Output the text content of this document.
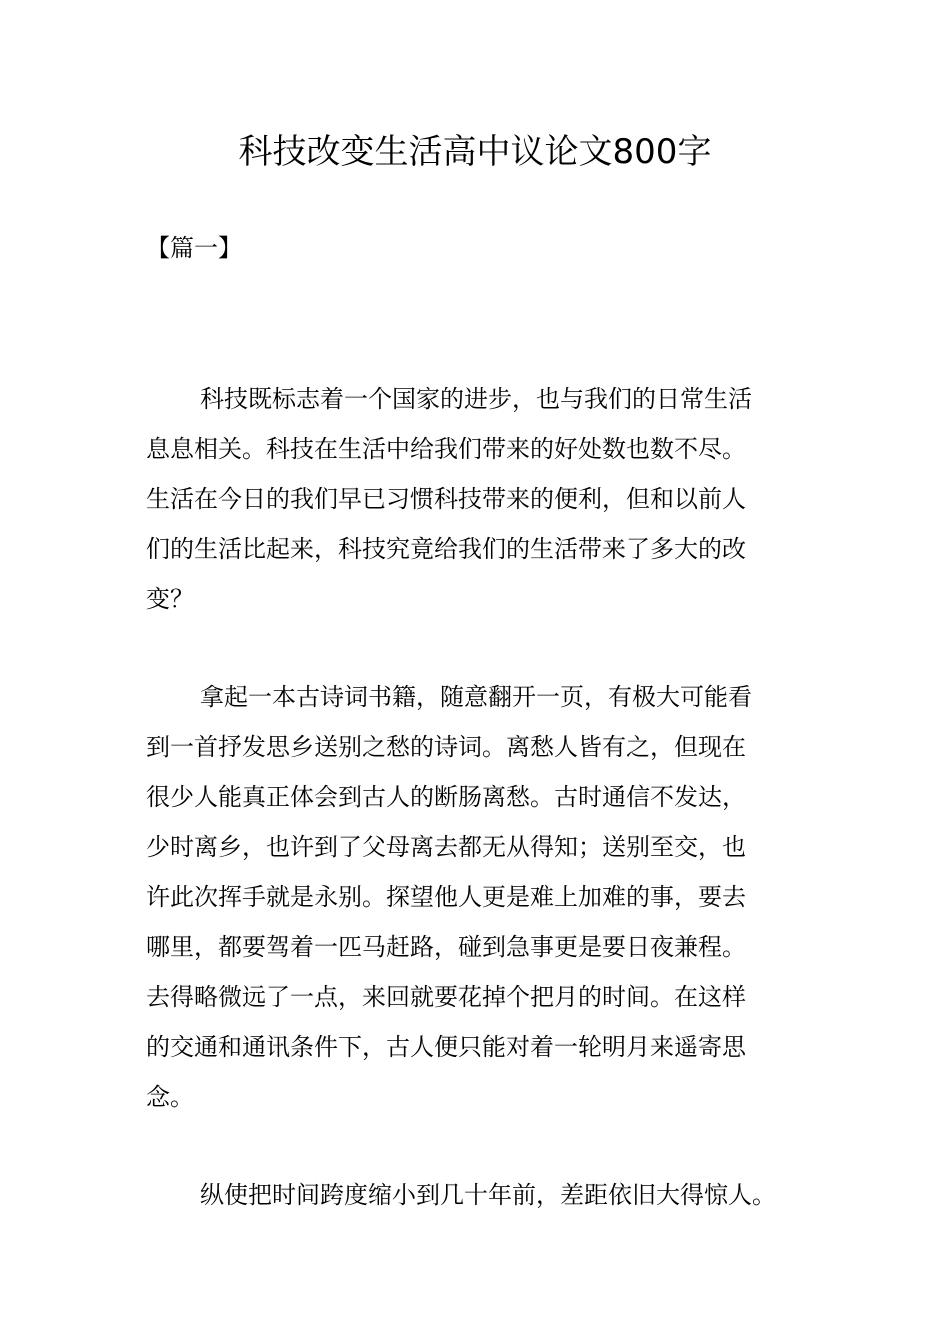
科技改变生活高中议论文800字
【篇一】
科技既标志着一个国家的进步，也与我们的日常生活
息息相关。科技在生活中给我们带来的好处数也数不尽。
生活在今日的我们早已习惯科技带来的便利，但和以前人
们的生活比起来，科技究竟给我们的生活带来了多大的改
变？
拿起一本古诗词书籍，随意翻开一页，有极大可能看
到一首抒发思乡送别之愁的诗词。离愁人皆有之，但现在
很少人能真正体会到古人的断肠离愁。古时通信不发达，
少时离乡，也许到了父母离去都无从得知；送别至交，也
许此次挥手就是永别。探望他人更是难上加难的事，要去
哪里，都要驾着一匹马赶路，碰到急事更是要日夜兼程。
去得略微远了一点，来回就要花掉个把月的时间。在这样
的交通和通讯条件下，古人便只能对着一轮明月来遥寄思
念。
纵使把时间跨度缩小到几十年前，差距依旧大得惊人。
